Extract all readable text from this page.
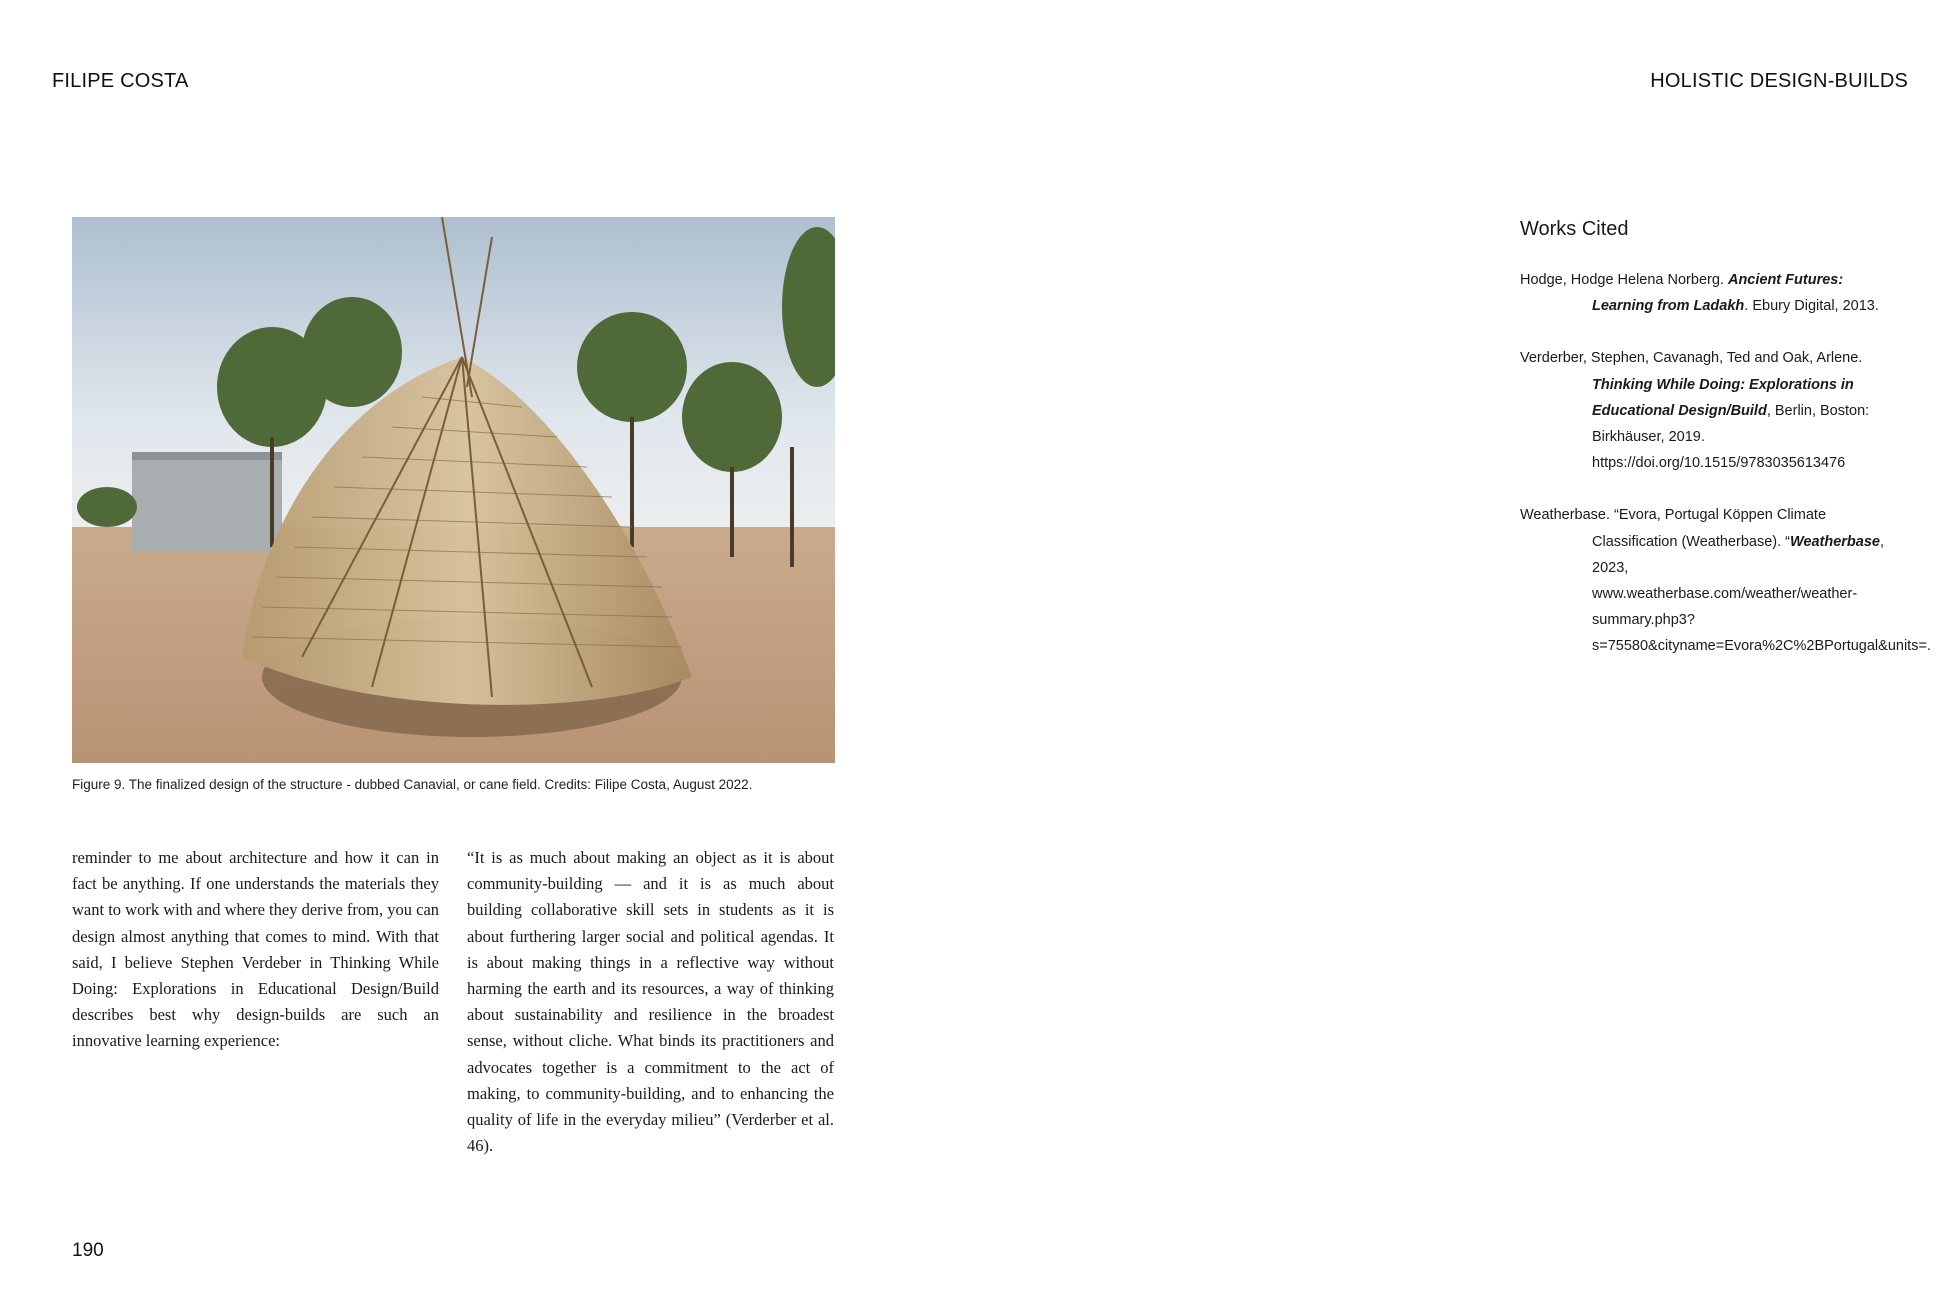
FILIPE COSTA	HOLISTIC DESIGN-BUILDS
Figure 9. The finalized design of the structure - dubbed Canavial, or cane field. Credits: Filipe Costa, August 2022.
reminder to me about architecture and how it can in fact be anything. If one understands the materials they want to work with and where they derive from, you can design almost anything that comes to mind. With that said, I believe Stephen Verdeber in Thinking While Doing: Explorations in Educational Design/Build describes best why design-builds are such an innovative learning experience:
“It is as much about making an object as it is about community-building — and it is as much about building collaborative skill sets in students as it is about furthering larger social and political agendas. It is about making things in a reflective way without harming the earth and its resources, a way of thinking about sustainability and resilience in the broadest sense, without cliche. What binds its practitioners and advocates together is a commitment to the act of making, to community-building, and to enhancing the quality of life in the everyday milieu” (Verderber et al. 46).
190
Works Cited

Hodge, Hodge Helena Norberg. Ancient Futures: Learning from Ladakh. Ebury Digital, 2013.

Verderber, Stephen, Cavanagh, Ted and Oak, Arlene. Thinking While Doing: Explorations in Educational Design/Build, Berlin, Boston: Birkhäuser, 2019. https://doi.org/10.1515/9783035613476

Weatherbase. “Evora, Portugal Köppen Climate Classification (Weatherbase). “Weatherbase, 2023, www.weatherbase.com/weather/weather-summary.php3?s=75580&cityname=Evora%2C%2BPortugal&units=.
